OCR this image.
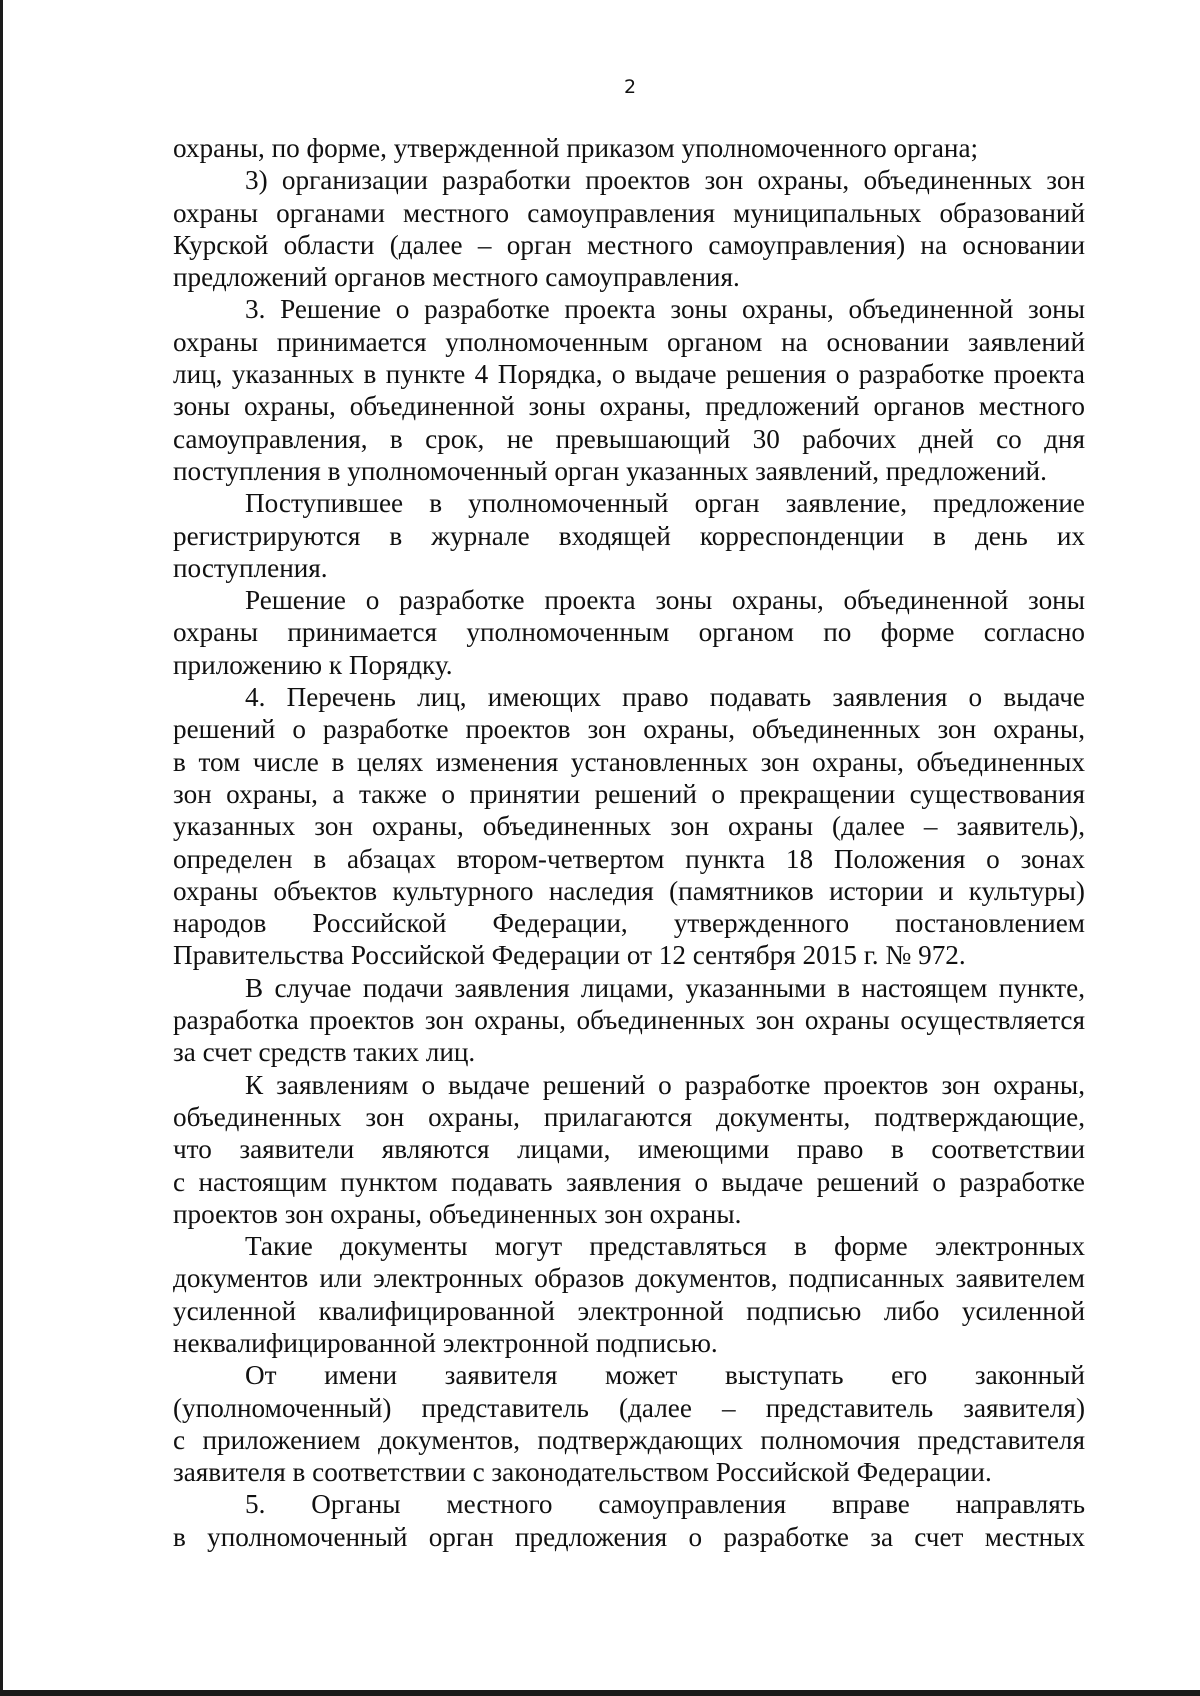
2
охраны, по форме, утвержденной приказом уполномоченного органа;
3) организации разработки проектов зон охраны, объединенных зон
охраны органами местного самоуправления муниципальных образований
Курской области (далее – орган местного самоуправления) на основании
предложений органов местного самоуправления.
3. Решение о разработке проекта зоны охраны, объединенной зоны
охраны принимается уполномоченным органом на основании заявлений
лиц, указанных в пункте 4 Порядка, о выдаче решения о разработке проекта
зоны охраны, объединенной зоны охраны, предложений органов местного
самоуправления, в срок, не превышающий 30 рабочих дней со дня
поступления в уполномоченный орган указанных заявлений, предложений.
Поступившее в уполномоченный орган заявление, предложение
регистрируются в журнале входящей корреспонденции в день их
поступления.
Решение о разработке проекта зоны охраны, объединенной зоны
охраны принимается уполномоченным органом по форме согласно
приложению к Порядку.
4. Перечень лиц, имеющих право подавать заявления о выдаче
решений о разработке проектов зон охраны, объединенных зон охраны,
в том числе в целях изменения установленных зон охраны, объединенных
зон охраны, а также о принятии решений о прекращении существования
указанных зон охраны, объединенных зон охраны (далее – заявитель),
определен в абзацах втором-четвертом пункта 18 Положения о зонах
охраны объектов культурного наследия (памятников истории и культуры)
народов Российской Федерации, утвержденного постановлением
Правительства Российской Федерации от 12 сентября 2015 г. № 972.
В случае подачи заявления лицами, указанными в настоящем пункте,
разработка проектов зон охраны, объединенных зон охраны осуществляется
за счет средств таких лиц.
К заявлениям о выдаче решений о разработке проектов зон охраны,
объединенных зон охраны, прилагаются документы, подтверждающие,
что заявители являются лицами, имеющими право в соответствии
с настоящим пунктом подавать заявления о выдаче решений о разработке
проектов зон охраны, объединенных зон охраны.
Такие документы могут представляться в форме электронных
документов или электронных образов документов, подписанных заявителем
усиленной квалифицированной электронной подписью либо усиленной
неквалифицированной электронной подписью.
От имени заявителя может выступать его законный
(уполномоченный) представитель (далее – представитель заявителя)
с приложением документов, подтверждающих полномочия представителя
заявителя в соответствии с законодательством Российской Федерации.
5. Органы местного самоуправления вправе направлять
в уполномоченный орган предложения о разработке за счет местных
